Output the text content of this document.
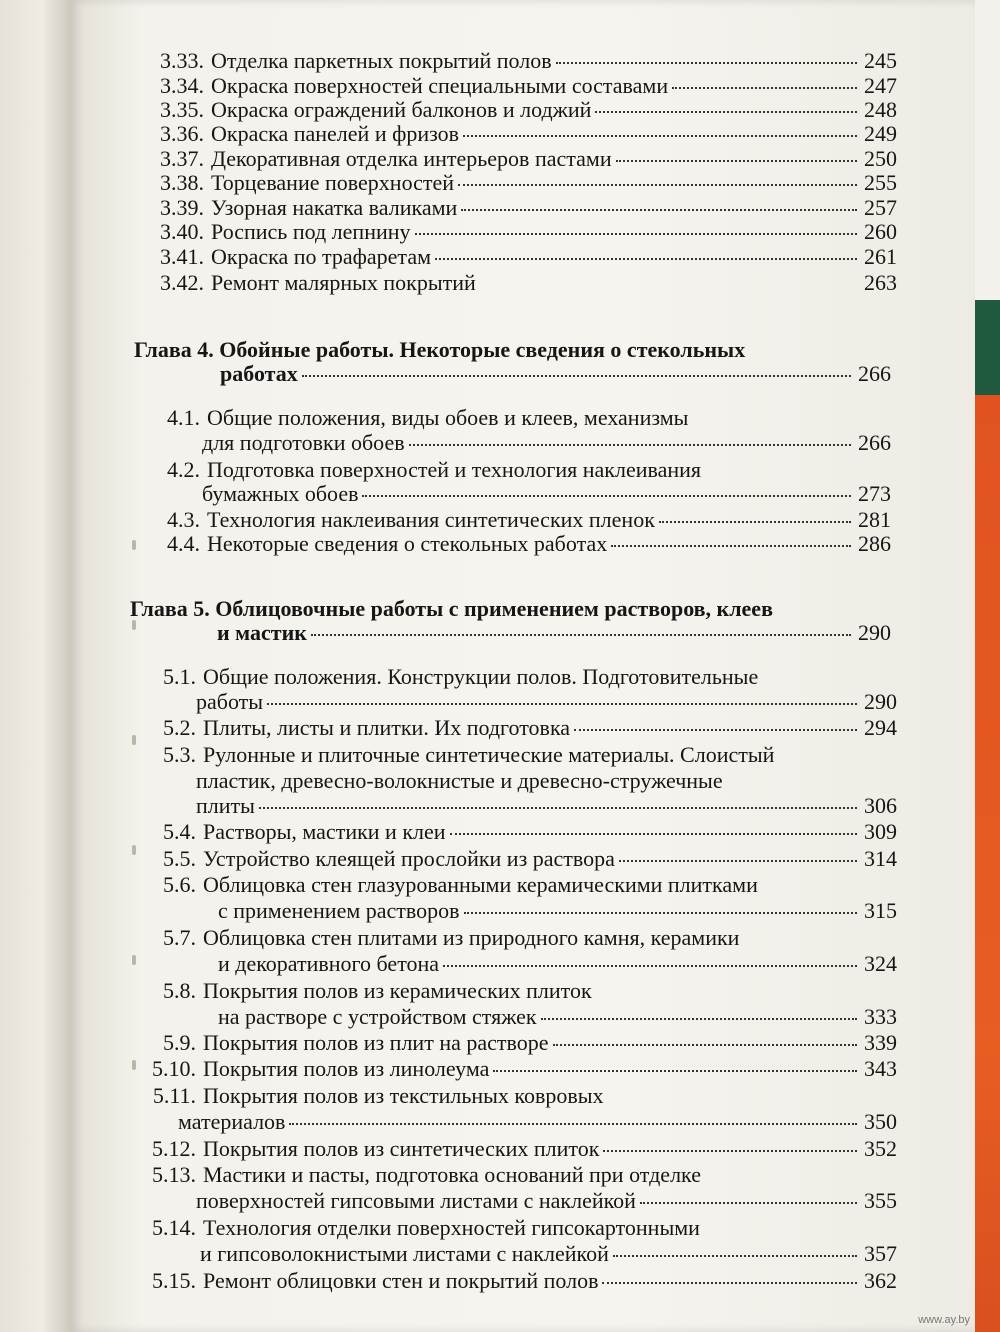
3.33. Отделка паркетных покрытий полов	245
3.34. Окраска поверхностей специальными составами	247
3.35. Окраска ограждений балконов и лоджий	248
3.36. Окраска панелей и фризов	249
3.37. Декоративная отделка интерьеров пастами	250
3.38. Торцевание поверхностей	255
3.39. Узорная накатка валиками	257
3.40. Роспись под лепнину	260
3.41. Окраска по трафаретам	261
3.42. Ремонт малярных покрытий	263
Глава 4. Обойные работы. Некоторые сведения о стекольных
работах	266
4.1. Общие положения, виды обоев и клеев, механизмы
для подготовки обоев	266
4.2. Подготовка поверхностей и технология наклеивания
бумажных обоев	273
4.3. Технология наклеивания синтетических пленок	281
4.4. Некоторые сведения о стекольных работах	286
Глава 5. Облицовочные работы с применением растворов, клеев
и мастик	290
5.1. Общие положения. Конструкции полов. Подготовительные
работы	290
5.2. Плиты, листы и плитки. Их подготовка	294
5.3. Рулонные и плиточные синтетические материалы. Слоистый
пластик, древесно-волокнистые и древесно-стружечные
плиты	306
5.4. Растворы, мастики и клеи	309
5.5. Устройство клеящей прослойки из раствора	314
5.6. Облицовка стен глазурованными керамическими плитками
с применением растворов	315
5.7. Облицовка стен плитами из природного камня, керамики
и декоративного бетона	324
5.8. Покрытия полов из керамических плиток
на растворе с устройством стяжек	333
5.9. Покрытия полов из плит на растворе	339
5.10. Покрытия полов из линолеума	343
5.11. Покрытия полов из текстильных ковровых
материалов	350
5.12. Покрытия полов из синтетических плиток	352
5.13. Мастики и пасты, подготовка оснований при отделке
поверхностей гипсовыми листами с наклейкой	355
5.14. Технология отделки поверхностей гипсокартонными
и гипсоволокнистыми листами с наклейкой	357
5.15. Ремонт облицовки стен и покрытий полов	362
www.ay.by
